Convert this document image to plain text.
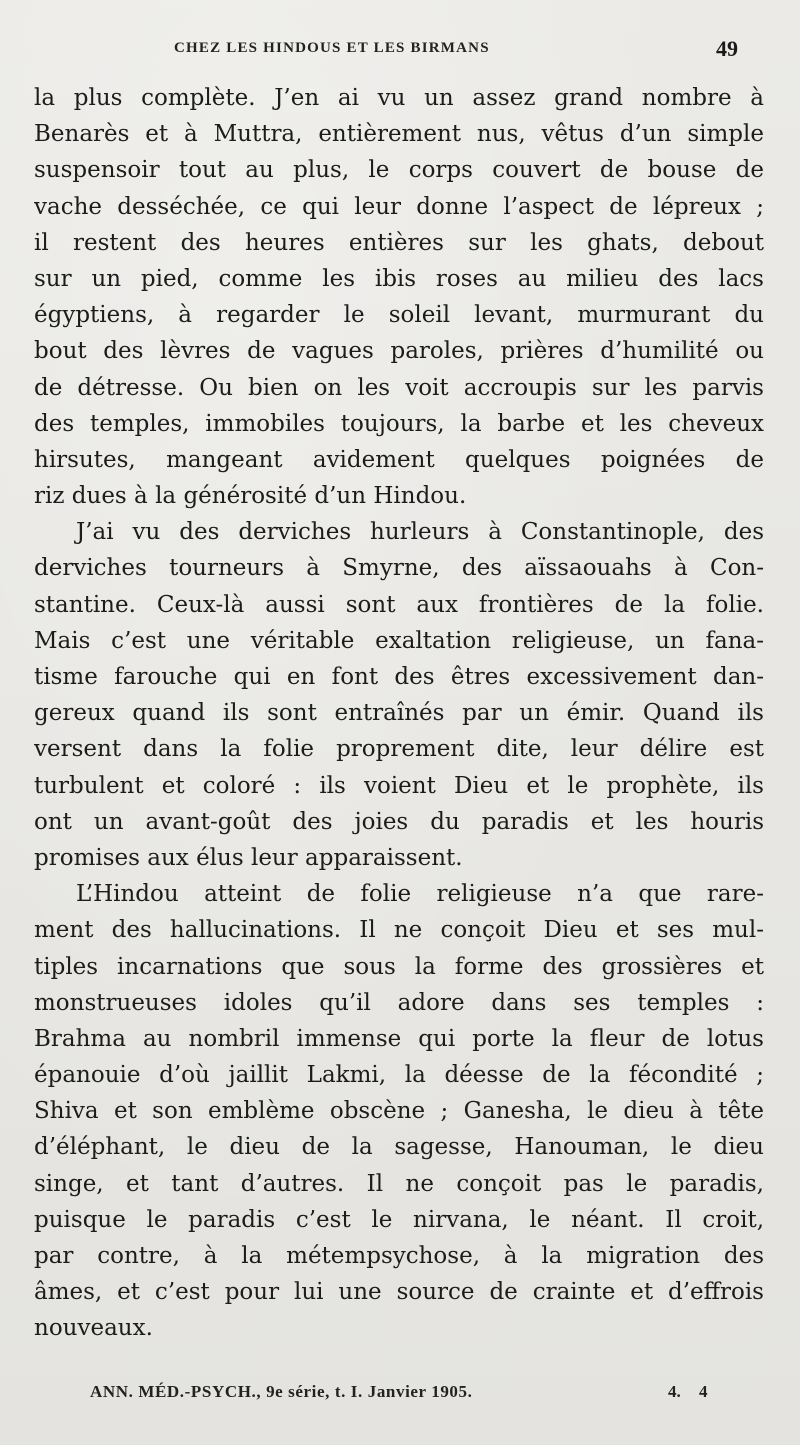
CHEZ LES HINDOUS ET LES BIRMANS	49
la plus complète. J’en ai vu un assez grand nombre à
Benarès et à Muttra, entièrement nus, vêtus d’un simple
suspensoir tout au plus, le corps couvert de bouse de
vache desséchée, ce qui leur donne l’aspect de lépreux ;
il restent des heures entières sur les ghats, debout
sur un pied, comme les ibis roses au milieu des lacs
égyptiens, à regarder le soleil levant, murmurant du
bout des lèvres de vagues paroles, prières d’humilité ou
de détresse. Ou bien on les voit accroupis sur les parvis
des temples, immobiles toujours, la barbe et les cheveux
hirsutes, mangeant avidement quelques poignées de
riz dues à la générosité d’un Hindou.
J’ai vu des derviches hurleurs à Constantinople, des
derviches tourneurs à Smyrne, des aïssaouahs à Con-
stantine. Ceux-là aussi sont aux frontières de la folie.
Mais c’est une véritable exaltation religieuse, un fana-
tisme farouche qui en font des êtres excessivement dan-
gereux quand ils sont entraînés par un émir. Quand ils
versent dans la folie proprement dite, leur délire est
turbulent et coloré : ils voient Dieu et le prophète, ils
ont un avant-goût des joies du paradis et les houris
promises aux élus leur apparaissent.
L’Hindou atteint de folie religieuse n’a que rare-
ment des hallucinations. Il ne conçoit Dieu et ses mul-
tiples incarnations que sous la forme des grossières et
monstrueuses idoles qu’il adore dans ses temples :
Brahma au nombril immense qui porte la fleur de lotus
épanouie d’où jaillit Lakmi, la déesse de la fécondité ;
Shiva et son emblème obscène ; Ganesha, le dieu à tête
d’éléphant, le dieu de la sagesse, Hanouman, le dieu
singe, et tant d’autres. Il ne conçoit pas le paradis,
puisque le paradis c’est le nirvana, le néant. Il croit,
par contre, à la métempsychose, à la migration des
âmes, et c’est pour lui une source de crainte et d’effrois
nouveaux.
ANN. MÉD.-PSYCH., 9e série, t. I. Janvier 1905.	4. 4
